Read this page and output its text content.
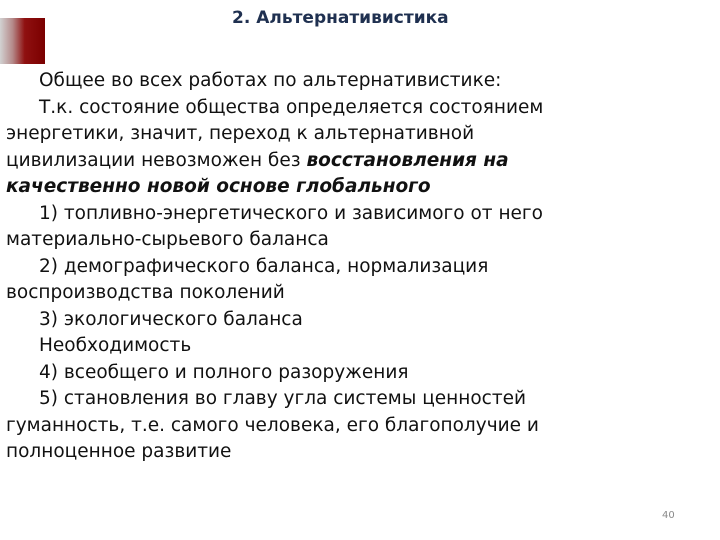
2. Альтернативистика
Общее во всех работах по альтернативистике:
Т.к. состояние общества определяется состоянием
энергетики, значит, переход к альтернативной
цивилизации невозможен без восстановления на
качественно новой основе глобального
1) топливно-энергетического и зависимого от него
материально-сырьевого баланса
2) демографического баланса, нормализация
воспроизводства поколений
3) экологического баланса
Необходимость
4) всеобщего и полного разоружения
5) становления во главу угла системы ценностей
гуманность, т.е. самого человека, его благополучие и
полноценное развитие
40
